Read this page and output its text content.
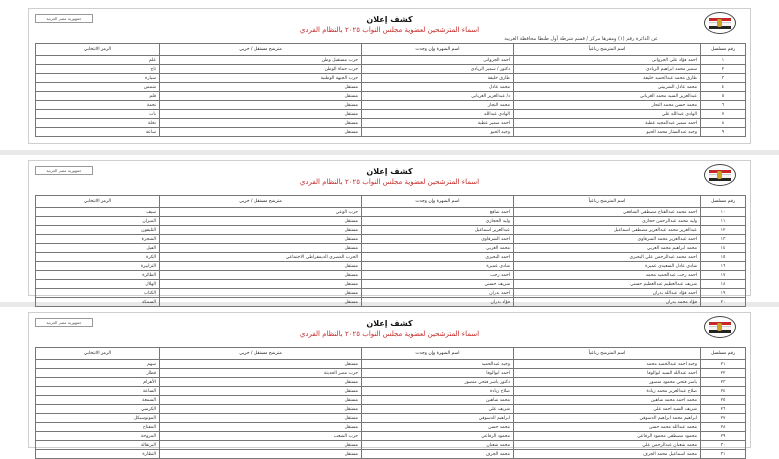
جمهورية مصر العربية	كشف إعلان
اسماء المترشحين لعضوية مجلس النواب ٢٠٢٥ بالنظام الفردي
عن الدائرة رقم (١) ومقرها مركز / قسم شرطة أول طنطا محافظة الغربية
رقم مسلسل	اسم المترشح رباعياً	اسم الشهرة وإن وجدت	مترشح مستقل / حزبي	الرمز الانتخابي
١	احمد فؤاد علي الجروانى	احمد الجروانى	حزب مستقبل وطن	علم
٢	سمير محمد ابراهيم الزيادي	دكتور / سمير الزيادي	حزب حماة الوطن	تاج
٣	طارق محمد عبدالحميد خليفة	طارق خليفة	حزب الجبهة الوطنية	سيارة
٤	محمد عادل الشربيني	محمد عادل	مستقل	شمس
٥	عبدالعزيز السيد محمد الغرباني	د/ عبدالعزيز الغرباني	مستقل	قلم
٦	محمد حسن محمد النجار	محمد النجار	مستقل	نجمة
٧	الهادي عبدالله علي	الهادي عبدالله	مستقل	باب
٨	احمد سمير عبدالمجيد عطية	احمد سمير عطية	مستقل	نخلة
٩	وجيه عبدالستار محمد الحبو	وجيه الحبو	مستقل	ساعة
جمهورية مصر العربية	كشف إعلان
اسماء المترشحين لعضوية مجلس النواب ٢٠٢٥ بالنظام الفردي
رقم مسلسل	اسم المترشح رباعياً	اسم الشهرة وإن وجدت	مترشح مستقل / حزبي	الرمز الانتخابي
١٠	احمد محمد عبدالفتاح مصطفى الشافعي	احمد شافع	حزب الوعي	سيف
١١	وليد محمد عبدالرحمن حجازي	وليد الحجازي	مستقل	الميزان
١٢	عبدالعزيز محمد عبدالعزيز مصطفى اسماعيل	عبدالعزيز اسماعيل	مستقل	التليفون
١٣	احمد عبدالعزيز محمد الشرقاوي	احمد الشرقاوي	مستقل	الشجرة
١٤	محمد ابراهيم محمد العربي	محمد العربي	مستقل	الفيل
١٥	احمد محمد عبدالرحمن علي البحيري	احمد البحيري	الحزب المصري الديمقراطي الاجتماعي	الكرة
١٦	شادي عادل السعيدي عميرة	شادي عميرة	مستقل	الترابيزة
١٧	احمد رجب عبدالحميد محمد	احمد رجب	مستقل	الطائرة
١٨	شريف عبدالعظيم عبدالعظيم حسني	شريف حسني	مستقل	الهلال
١٩	احمد فؤاد عبدالله بدران	احمد بدران	مستقل	الكتاب
٢٠	فؤاد محمد بدران	فؤاد بدران	مستقل	السمكة
جمهورية مصر العربية	كشف إعلان
اسماء المترشحين لعضوية مجلس النواب ٢٠٢٥ بالنظام الفردي
رقم مسلسل	اسم المترشح رباعياً	اسم الشهرة وإن وجدت	مترشح مستقل / حزبي	الرمز الانتخابي
٢١	وجيه احمد عبدالحميد محمد	وجيه عبدالحميد	مستقل	سهم
٢٢	احمد عبدالله السيد ابوالوفا	احمد ابوالوفا	حزب مصر الحديثة	قطار
٢٣	ياسر فتحي محمود منصور	دكتور ياسر فتحي منصور	مستقل	الأهرام
٢٤	صلاح عبدالعزيز محمد زيادة	صلاح زيادة	مستقل	الساعة
٢٥	محمد احمد محمد شاهين	محمد شاهين	مستقل	الشمعة
٢٦	شريف السيد احمد علي	شريف علي	مستقل	الكرسي
٢٧	ابراهيم محمد ابراهيم الدسوقي	ابراهيم الدسوقي	مستقل	الموتوسيكل
٢٨	محمد عبدالله محمد حسن	محمد حسن	مستقل	المفتاح
٢٩	محمود مصطفى محمود الرفاعي	محمود الرفاعي	حزب الشعب	المروحة
٣٠	محمد شعبان عبدالرحمن علي	محمد شعبان	مستقل	البرتقالة
٣١	محمد اسماعيل محمد الجرف	محمد الجرف	مستقل	النظارة
